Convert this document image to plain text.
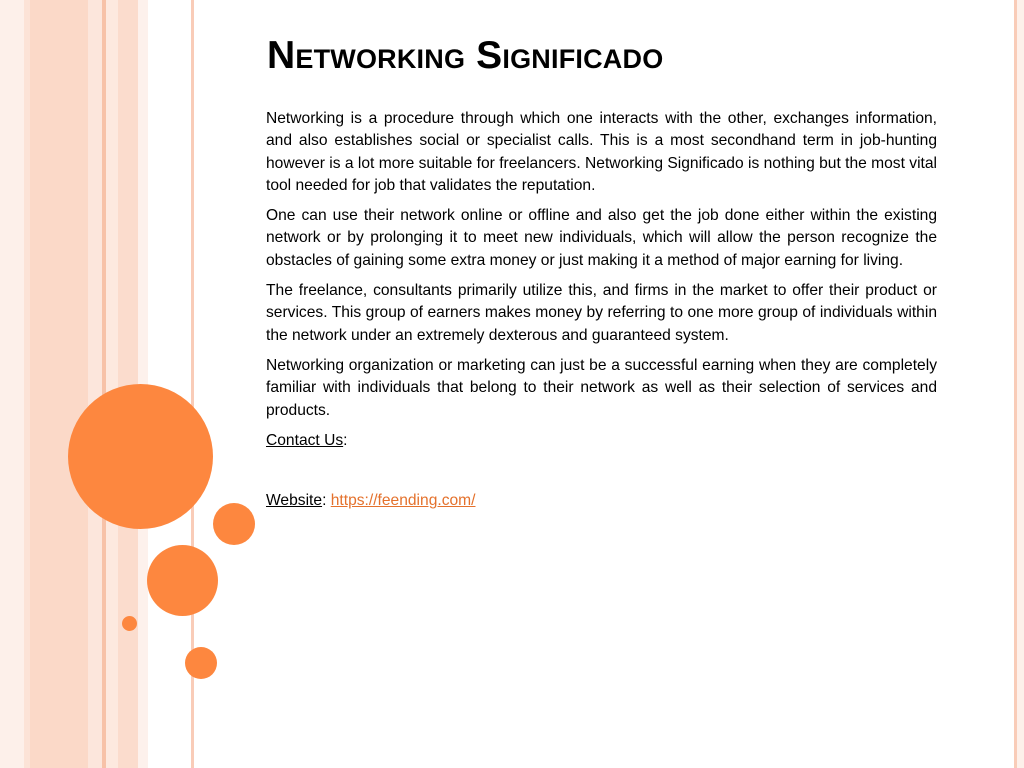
Networking Significado

Networking is a procedure through which one interacts with the other, exchanges information, and also establishes social or specialist calls. This is a most secondhand term in job-hunting however is a lot more suitable for freelancers. Networking Significado is nothing but the most vital tool needed for job that validates the reputation.

One can use their network online or offline and also get the job done either within the existing network or by prolonging it to meet new individuals, which will allow the person recognize the obstacles of gaining some extra money or just making it a method of major earning for living.

The freelance, consultants primarily utilize this, and firms in the market to offer their product or services. This group of earners makes money by referring to one more group of individuals within the network under an extremely dexterous and guaranteed system.

Networking organization or marketing can just be a successful earning when they are completely familiar with individuals that belong to their network as well as their selection of services and products.

Contact Us:

Website: https://feending.com/
